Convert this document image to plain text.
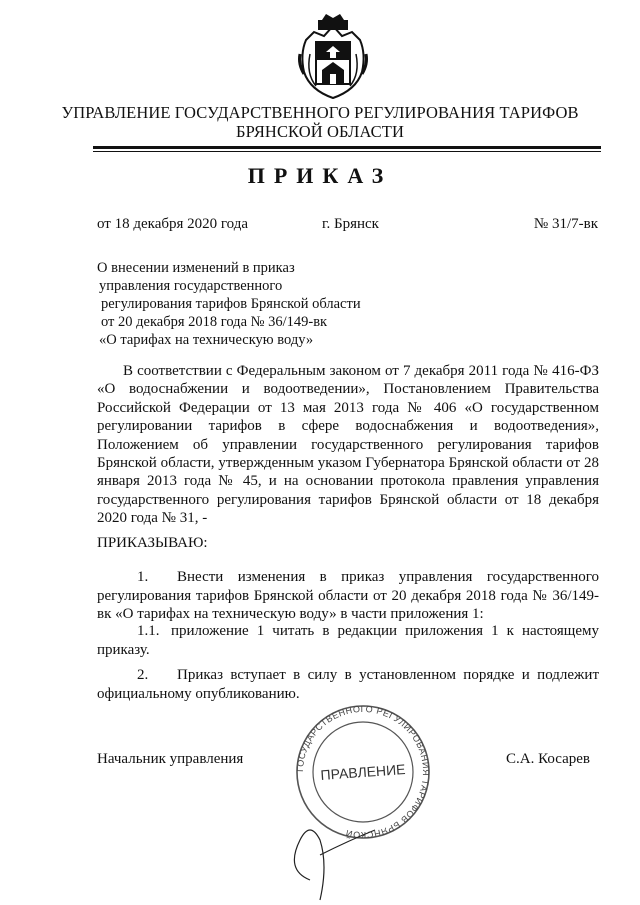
УПРАВЛЕНИЕ ГОСУДАРСТВЕННОГО РЕГУЛИРОВАНИЯ ТАРИФОВ
БРЯНСКОЙ ОБЛАСТИ
ПРИКАЗ
от 18 декабря 2020 года	г. Брянск	№ 31/7-вк
О внесении изменений в приказ
управления государственного
регулирования тарифов Брянской области
от 20 декабря 2018 года № 36/149-вк
«О тарифах на техническую воду»
В соответствии с Федеральным законом от 7 декабря 2011 года № 416-ФЗ «О водоснабжении и водоотведении», Постановлением Правительства Российской Федерации от 13 мая 2013 года № 406 «О государственном регулировании тарифов в сфере водоснабжения и водоотведения», Положением об управлении государственного регулирования тарифов Брянской области, утвержденным указом Губернатора Брянской области от 28 января 2013 года № 45, и на основании протокола правления управления государственного регулирования тарифов Брянской области от 18 декабря 2020 года № 31, -
ПРИКАЗЫВАЮ:
1. Внести изменения в приказ управления государственного регулирования тарифов Брянской области от 20 декабря 2018 года № 36/149-вк «О тарифах на техническую воду» в части приложения 1:
1.1. приложение 1 читать в редакции приложения 1 к настоящему приказу.
2. Приказ вступает в силу в установленном порядке и подлежит официальному опубликованию.
ГОСУДАРСТВЕННОГО РЕГУЛИРОВАНИЯ ТАРИФОВ БРЯНСКОЙ
ПРАВЛЕНИЕ
Начальник управления	С.А. Косарев
